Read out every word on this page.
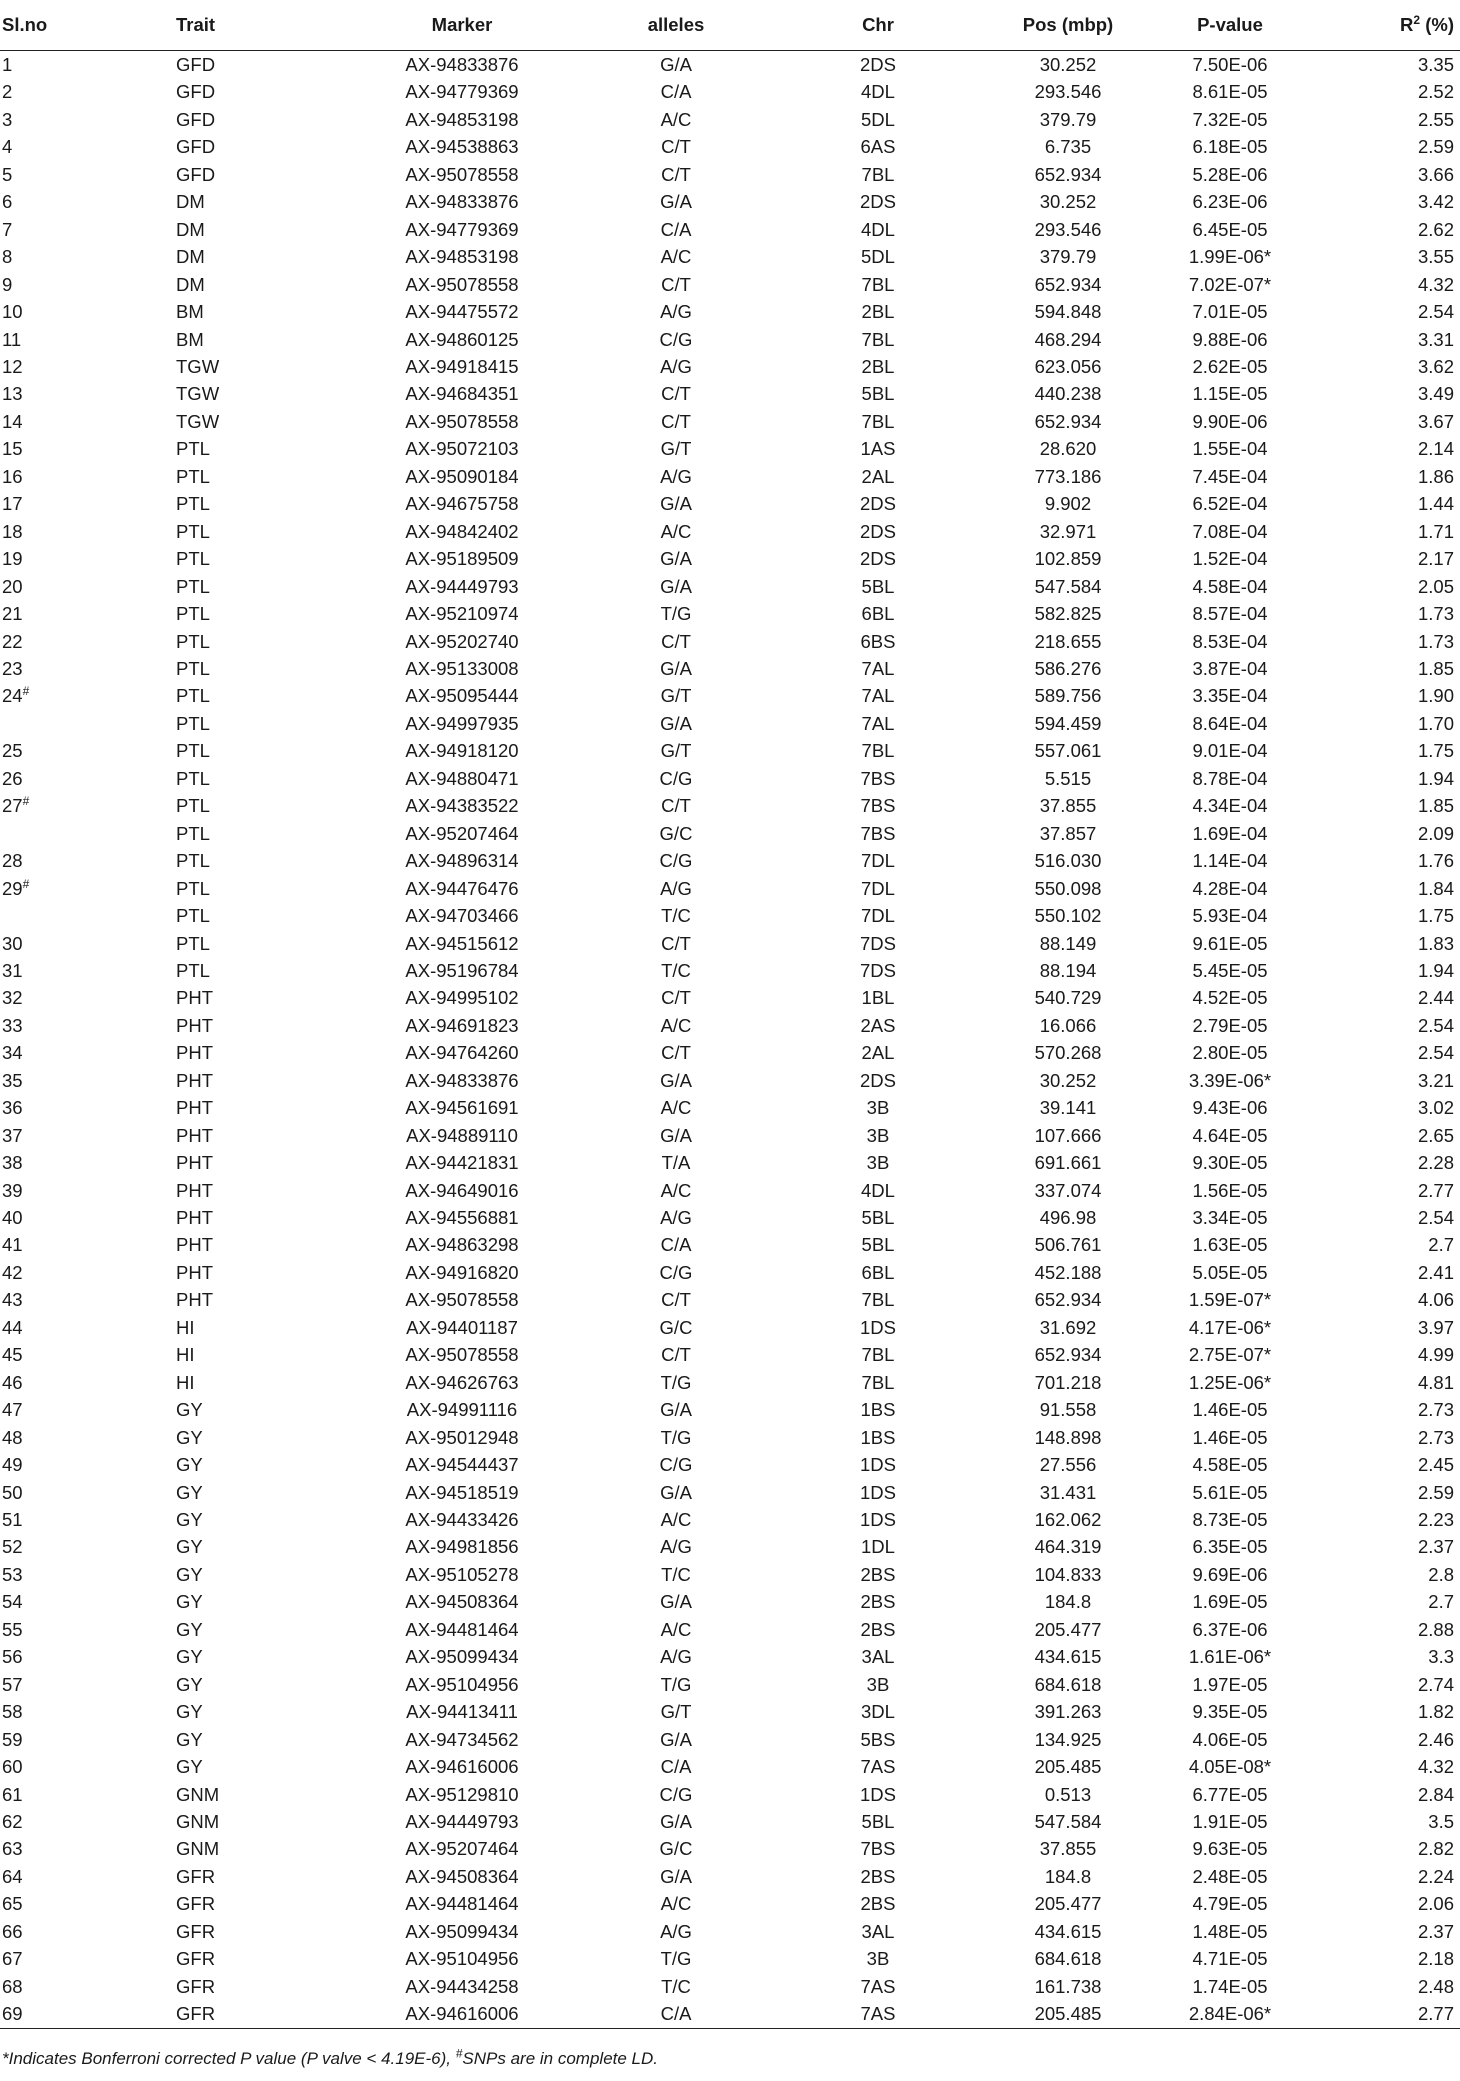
Sl.no	Trait	Marker	alleles	Chr	Pos (mbp)	P-value	$R^2$ (%)
1	GFD	AX-94833876	G/A	2DS	30.252	7.50E-06	3.35
2	GFD	AX-94779369	C/A	4DL	293.546	8.61E-05	2.52
3	GFD	AX-94853198	A/C	5DL	379.79	7.32E-05	2.55
4	GFD	AX-94538863	C/T	6AS	6.735	6.18E-05	2.59
5	GFD	AX-95078558	C/T	7BL	652.934	5.28E-06	3.66
6	DM	AX-94833876	G/A	2DS	30.252	6.23E-06	3.42
7	DM	AX-94779369	C/A	4DL	293.546	6.45E-05	2.62
8	DM	AX-94853198	A/C	5DL	379.79	1.99E-06*	3.55
9	DM	AX-95078558	C/T	7BL	652.934	7.02E-07*	4.32
10	BM	AX-94475572	A/G	2BL	594.848	7.01E-05	2.54
11	BM	AX-94860125	C/G	7BL	468.294	9.88E-06	3.31
12	TGW	AX-94918415	A/G	2BL	623.056	2.62E-05	3.62
13	TGW	AX-94684351	C/T	5BL	440.238	1.15E-05	3.49
14	TGW	AX-95078558	C/T	7BL	652.934	9.90E-06	3.67
15	PTL	AX-95072103	G/T	1AS	28.620	1.55E-04	2.14
16	PTL	AX-95090184	A/G	2AL	773.186	7.45E-04	1.86
17	PTL	AX-94675758	G/A	2DS	9.902	6.52E-04	1.44
18	PTL	AX-94842402	A/C	2DS	32.971	7.08E-04	1.71
19	PTL	AX-95189509	G/A	2DS	102.859	1.52E-04	2.17
20	PTL	AX-94449793	G/A	5BL	547.584	4.58E-04	2.05
21	PTL	AX-95210974	T/G	6BL	582.825	8.57E-04	1.73
22	PTL	AX-95202740	C/T	6BS	218.655	8.53E-04	1.73
23	PTL	AX-95133008	G/A	7AL	586.276	3.87E-04	1.85
24#	PTL	AX-95095444	G/T	7AL	589.756	3.35E-04	1.90
	PTL	AX-94997935	G/A	7AL	594.459	8.64E-04	1.70
25	PTL	AX-94918120	G/T	7BL	557.061	9.01E-04	1.75
26	PTL	AX-94880471	C/G	7BS	5.515	8.78E-04	1.94
27#	PTL	AX-94383522	C/T	7BS	37.855	4.34E-04	1.85
	PTL	AX-95207464	G/C	7BS	37.857	1.69E-04	2.09
28	PTL	AX-94896314	C/G	7DL	516.030	1.14E-04	1.76
29#	PTL	AX-94476476	A/G	7DL	550.098	4.28E-04	1.84
	PTL	AX-94703466	T/C	7DL	550.102	5.93E-04	1.75
30	PTL	AX-94515612	C/T	7DS	88.149	9.61E-05	1.83
31	PTL	AX-95196784	T/C	7DS	88.194	5.45E-05	1.94
32	PHT	AX-94995102	C/T	1BL	540.729	4.52E-05	2.44
33	PHT	AX-94691823	A/C	2AS	16.066	2.79E-05	2.54
34	PHT	AX-94764260	C/T	2AL	570.268	2.80E-05	2.54
35	PHT	AX-94833876	G/A	2DS	30.252	3.39E-06*	3.21
36	PHT	AX-94561691	A/C	3B	39.141	9.43E-06	3.02
37	PHT	AX-94889110	G/A	3B	107.666	4.64E-05	2.65
38	PHT	AX-94421831	T/A	3B	691.661	9.30E-05	2.28
39	PHT	AX-94649016	A/C	4DL	337.074	1.56E-05	2.77
40	PHT	AX-94556881	A/G	5BL	496.98	3.34E-05	2.54
41	PHT	AX-94863298	C/A	5BL	506.761	1.63E-05	2.7
42	PHT	AX-94916820	C/G	6BL	452.188	5.05E-05	2.41
43	PHT	AX-95078558	C/T	7BL	652.934	1.59E-07*	4.06
44	HI	AX-94401187	G/C	1DS	31.692	4.17E-06*	3.97
45	HI	AX-95078558	C/T	7BL	652.934	2.75E-07*	4.99
46	HI	AX-94626763	T/G	7BL	701.218	1.25E-06*	4.81
47	GY	AX-94991116	G/A	1BS	91.558	1.46E-05	2.73
48	GY	AX-95012948	T/G	1BS	148.898	1.46E-05	2.73
49	GY	AX-94544437	C/G	1DS	27.556	4.58E-05	2.45
50	GY	AX-94518519	G/A	1DS	31.431	5.61E-05	2.59
51	GY	AX-94433426	A/C	1DS	162.062	8.73E-05	2.23
52	GY	AX-94981856	A/G	1DL	464.319	6.35E-05	2.37
53	GY	AX-95105278	T/C	2BS	104.833	9.69E-06	2.8
54	GY	AX-94508364	G/A	2BS	184.8	1.69E-05	2.7
55	GY	AX-94481464	A/C	2BS	205.477	6.37E-06	2.88
56	GY	AX-95099434	A/G	3AL	434.615	1.61E-06*	3.3
57	GY	AX-95104956	T/G	3B	684.618	1.97E-05	2.74
58	GY	AX-94413411	G/T	3DL	391.263	9.35E-05	1.82
59	GY	AX-94734562	G/A	5BS	134.925	4.06E-05	2.46
60	GY	AX-94616006	C/A	7AS	205.485	4.05E-08*	4.32
61	GNM	AX-95129810	C/G	1DS	0.513	6.77E-05	2.84
62	GNM	AX-94449793	G/A	5BL	547.584	1.91E-05	3.5
63	GNM	AX-95207464	G/C	7BS	37.855	9.63E-05	2.82
64	GFR	AX-94508364	G/A	2BS	184.8	2.48E-05	2.24
65	GFR	AX-94481464	A/C	2BS	205.477	4.79E-05	2.06
66	GFR	AX-95099434	A/G	3AL	434.615	1.48E-05	2.37
67	GFR	AX-95104956	T/G	3B	684.618	4.71E-05	2.18
68	GFR	AX-94434258	T/C	7AS	161.738	1.74E-05	2.48
69	GFR	AX-94616006	C/A	7AS	205.485	2.84E-06*	2.77
*Indicates Bonferroni corrected P value (P valve < 4.19E-6), #SNPs are in complete LD.
